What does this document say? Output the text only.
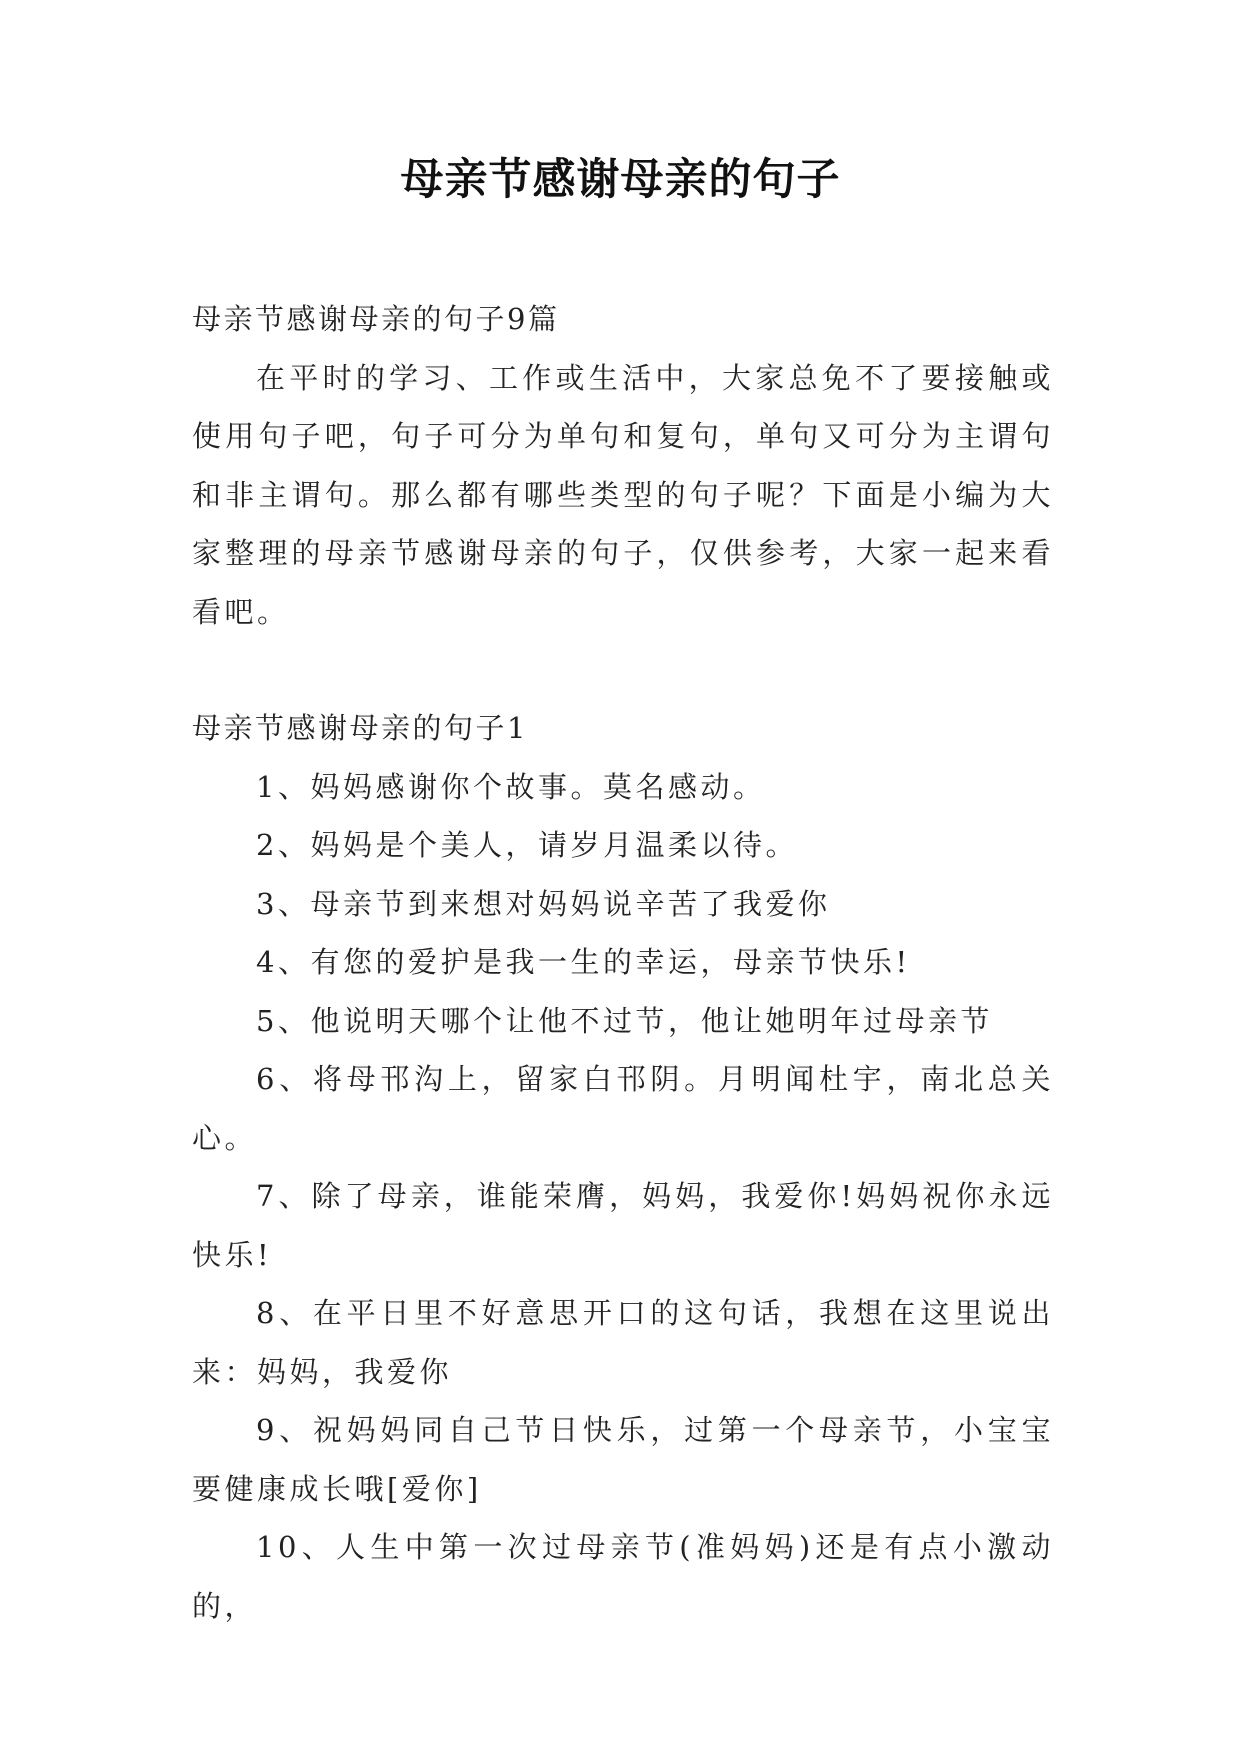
母亲节感谢母亲的句子

母亲节感谢母亲的句子9篇

在平时的学习、工作或生活中，大家总免不了要接触或使用句子吧，句子可分为单句和复句，单句又可分为主谓句和非主谓句。那么都有哪些类型的句子呢？下面是小编为大家整理的母亲节感谢母亲的句子，仅供参考，大家一起来看看吧。

母亲节感谢母亲的句子1

1、妈妈感谢你个故事。莫名感动。

2、妈妈是个美人，请岁月温柔以待。

3、母亲节到来想对妈妈说辛苦了我爱你

4、有您的爱护是我一生的幸运，母亲节快乐!

5、他说明天哪个让他不过节，他让她明年过母亲节

6、将母邗沟上，留家白邗阴。月明闻杜宇，南北总关心。

7、除了母亲，谁能荣膺，妈妈，我爱你!妈妈祝你永远快乐!

8、在平日里不好意思开口的这句话，我想在这里说出来：妈妈，我爱你

9、祝妈妈同自己节日快乐，过第一个母亲节，小宝宝要健康成长哦[爱你]

10、人生中第一次过母亲节(准妈妈)还是有点小激动的，
